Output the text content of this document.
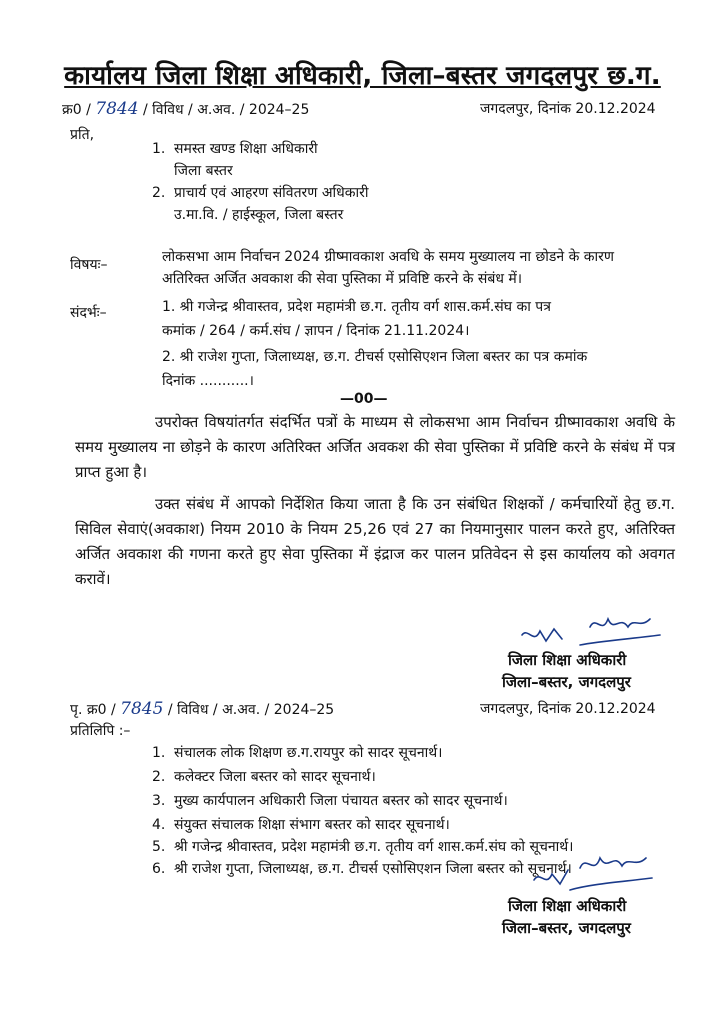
कार्यालय जिला शिक्षा अधिकारी, जिला–बस्तर जगदलपुर छ.ग.
क्र0 / 7844 / विविध / अ.अव. / 2024–25	जगदलपुर, दिनांक 20.12.2024
प्रति,
1. समस्त खण्ड शिक्षा अधिकारी
जिला बस्तर
2. प्राचार्य एवं आहरण संवितरण अधिकारी
उ.मा.वि. / हाईस्कूल, जिला बस्तर
विषयः–	लोकसभा आम निर्वाचन 2024 ग्रीष्मावकाश अवधि के समय मुख्यालय ना छोडने के कारण
अतिरिक्त अर्जित अवकाश की सेवा पुस्तिका में प्रविष्टि करने के संबंध में।
संदर्भः–	1. श्री गजेन्द्र श्रीवास्तव, प्रदेश महामंत्री छ.ग. तृतीय वर्ग शास.कर्म.संघ का पत्र
कमांक / 264 / कर्म.संघ / ज्ञापन / दिनांक 21.11.2024।
2. श्री राजेश गुप्ता, जिलाध्यक्ष, छ.ग. टीचर्स एसोसिएशन जिला बस्तर का पत्र कमांक
दिनांक ...........।
—00—
उपरोक्त विषयांतर्गत संदर्भित पत्रों के माध्यम से लोकसभा आम निर्वाचन ग्रीष्मावकाश अवधि के समय मुख्यालय ना छोड़ने के कारण अतिरिक्त अर्जित अवकश की सेवा पुस्तिका में प्रविष्टि करने के संबंध में पत्र प्राप्त हुआ है।
उक्त संबंध में आपको निर्देशित किया जाता है कि उन संबंधित शिक्षकों / कर्मचारियों हेतु छ.ग. सिविल सेवाएं(अवकाश) नियम 2010 के नियम 25,26 एवं 27 का नियमानुसार पालन करते हुए, अतिरिक्त अर्जित अवकाश की गणना करते हुए सेवा पुस्तिका में इंद्राज कर पालन प्रतिवेदन से इस कार्यालय को अवगत करावें।
जिला शिक्षा अधिकारी
जिला–बस्तर, जगदलपुर
पृ. क्र0 / 7845 / विविध / अ.अव. / 2024–25	जगदलपुर, दिनांक 20.12.2024
प्रतिलिपि :–
1. संचालक लोक शिक्षण छ.ग.रायपुर को सादर सूचनार्थ।
2. कलेक्टर जिला बस्तर को सादर सूचनार्थ।
3. मुख्य कार्यपालन अधिकारी जिला पंचायत बस्तर को सादर सूचनार्थ।
4. संयुक्त संचालक शिक्षा संभाग बस्तर को सादर सूचनार्थ।
5. श्री गजेन्द्र श्रीवास्तव, प्रदेश महामंत्री छ.ग. तृतीय वर्ग शास.कर्म.संघ को सूचनार्थ।
6. श्री राजेश गुप्ता, जिलाध्यक्ष, छ.ग. टीचर्स एसोसिएशन जिला बस्तर को सूचनार्थ।
जिला शिक्षा अधिकारी
जिला–बस्तर, जगदलपुर
